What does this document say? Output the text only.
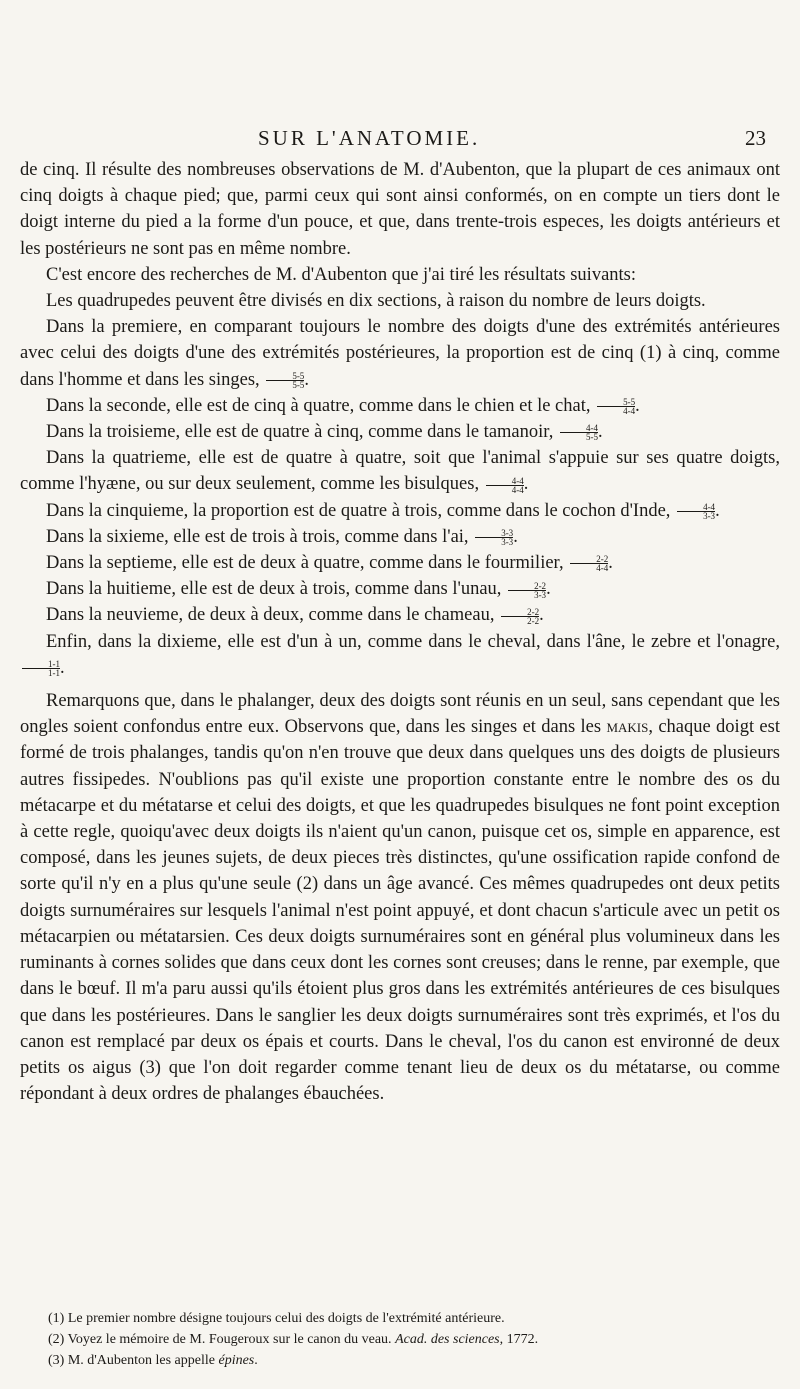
SUR L'ANATOMIE.	23

de cinq. Il résulte des nombreuses observations de M. d'Aubenton, que la plupart de ces animaux ont cinq doigts à chaque pied; que, parmi ceux qui sont ainsi conformés, on en compte un tiers dont le doigt interne du pied a la forme d'un pouce, et que, dans trente-trois especes, les doigts antérieurs et les postérieurs ne sont pas en même nombre.

C'est encore des recherches de M. d'Aubenton que j'ai tiré les résultats suivants:

Les quadrupedes peuvent être divisés en dix sections, à raison du nombre de leurs doigts.

Dans la premiere, en comparant toujours le nombre des doigts d'une des extrémités antérieures avec celui des doigts d'une des extrémités postérieures, la proportion est de cinq (1) à cinq, comme dans l'homme et dans les singes, $\frac{5-5}{5-5}$ .

Dans la seconde, elle est de cinq à quatre, comme dans le chien et le chat, $\frac{5-5}{4-4}$ .

Dans la troisieme, elle est de quatre à cinq, comme dans le tamanoir, $\frac{4-4}{5-5}$ .

Dans la quatrieme, elle est de quatre à quatre, soit que l'animal s'appuie sur ses quatre doigts, comme l'hyæne, ou sur deux seulement, comme les bisulques, $\frac{4-4}{4-4}$ .

Dans la cinquieme, la proportion est de quatre à trois, comme dans le cochon d'Inde, $\frac{4-4}{3-3}$ .

Dans la sixieme, elle est de trois à trois, comme dans l'ai, $\frac{3-3}{3-3}$ .

Dans la septieme, elle est de deux à quatre, comme dans le fourmilier, $\frac{2-2}{4-4}$ .

Dans la huitieme, elle est de deux à trois, comme dans l'unau, $\frac{2-2}{3-3}$ .

Dans la neuvieme, de deux à deux, comme dans le chameau, $\frac{2-2}{2-2}$ .

Enfin, dans la dixieme, elle est d'un à un, comme dans le cheval, dans l'âne, le zebre et l'onagre,
$\frac{1-1}{1-1}$ .

Remarquons que, dans le phalanger, deux des doigts sont réunis en un seul, sans cependant que les ongles soient confondus entre eux. Observons que, dans les singes et dans les makis, chaque doigt est formé de trois phalanges, tandis qu'on n'en trouve que deux dans quelques uns des doigts de plusieurs autres fissipedes. N'oublions pas qu'il existe une proportion constante entre le nombre des os du métacarpe et du métatarse et celui des doigts, et que les quadrupedes bisulques ne font point exception à cette regle, quoiqu'avec deux doigts ils n'aient qu'un canon, puisque cet os, simple en apparence, est composé, dans les jeunes sujets, de deux pieces très distinctes, qu'une ossification rapide confond de sorte qu'il n'y en a plus qu'une seule (2) dans un âge avancé. Ces mêmes quadrupedes ont deux petits doigts surnuméraires sur lesquels l'animal n'est point appuyé, et dont chacun s'articule avec un petit os métacarpien ou métatarsien. Ces deux doigts surnuméraires sont en général plus volumineux dans les ruminants à cornes solides que dans ceux dont les cornes sont creuses; dans le renne, par exemple, que dans le bœuf. Il m'a paru aussi qu'ils étoient plus gros dans les extrémités antérieures de ces bisulques que dans les postérieures. Dans le sanglier les deux doigts surnuméraires sont très exprimés, et l'os du canon est remplacé par deux os épais et courts. Dans le cheval, l'os du canon est environné de deux petits os aigus (3) que l'on doit regarder comme tenant lieu de deux os du métatarse, ou comme répondant à deux ordres de phalanges ébauchées.

(1) Le premier nombre désigne toujours celui des doigts de l'extrémité antérieure.

(2) Voyez le mémoire de M. Fougeroux sur le canon du veau. Acad. des sciences, 1772.

(3) M. d'Aubenton les appelle épines.
